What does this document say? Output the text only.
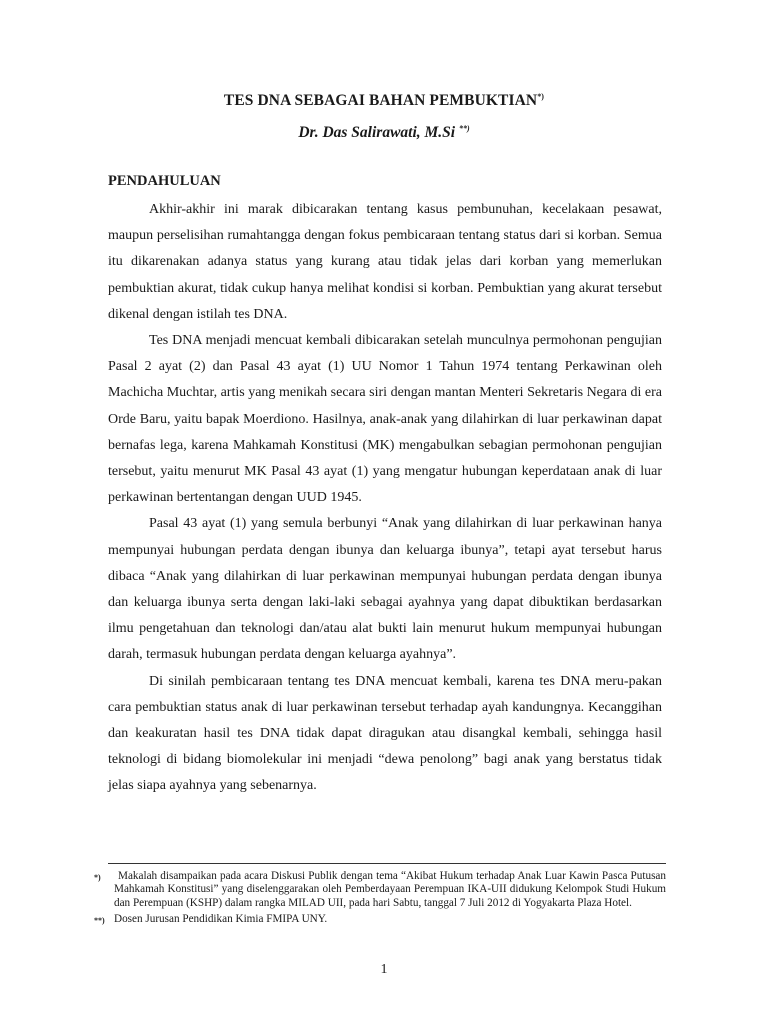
TES DNA SEBAGAI BAHAN PEMBUKTIAN*)
Dr. Das Salirawati, M.Si **)
PENDAHULUAN

Akhir-akhir ini marak dibicarakan tentang kasus pembunuhan, kecelakaan pesawat, maupun perselisihan rumahtangga dengan fokus pembicaraan tentang status dari si korban. Semua itu dikarenakan adanya status yang kurang atau tidak jelas dari korban yang memerlukan pembuktian akurat, tidak cukup hanya melihat kondisi si korban. Pembuktian yang akurat tersebut dikenal dengan istilah tes DNA.

Tes DNA menjadi mencuat kembali dibicarakan setelah munculnya permohonan pengujian Pasal 2 ayat (2) dan Pasal 43 ayat (1) UU Nomor 1 Tahun 1974 tentang Perkawinan oleh Machicha Muchtar, artis yang menikah secara siri dengan mantan Menteri Sekretaris Negara di era Orde Baru, yaitu bapak Moerdiono. Hasilnya, anak-anak yang dilahirkan di luar perkawinan dapat bernafas lega, karena Mahkamah Konstitusi (MK) mengabulkan sebagian permohonan pengujian tersebut, yaitu menurut MK Pasal 43 ayat (1) yang mengatur hubungan keperdataan anak di luar perkawinan bertentangan dengan UUD 1945.

Pasal 43 ayat (1) yang semula berbunyi “Anak yang dilahirkan di luar perkawinan hanya mempunyai hubungan perdata dengan ibunya dan keluarga ibunya”, tetapi ayat tersebut harus dibaca “Anak yang dilahirkan di luar perkawinan mempunyai hubungan perdata dengan ibunya dan keluarga ibunya serta dengan laki-laki sebagai ayahnya yang dapat dibuktikan berdasarkan ilmu pengetahuan dan teknologi dan/atau alat bukti lain menurut hukum mempunyai hubungan darah, termasuk hubungan perdata dengan keluarga ayahnya”.

Di sinilah pembicaraan tentang tes DNA mencuat kembali, karena tes DNA meru-pakan cara pembuktian status anak di luar perkawinan tersebut terhadap ayah kandungnya. Kecanggihan dan keakuratan hasil tes DNA tidak dapat diragukan atau disangkal kembali, sehingga hasil teknologi di bidang biomolekular ini menjadi “dewa penolong” bagi anak yang berstatus tidak jelas siapa ayahnya yang sebenarnya.

*)	Makalah disampaikan pada acara Diskusi Publik dengan tema “Akibat Hukum terhadap Anak Luar Kawin Pasca Putusan Mahkamah Konstitusi” yang diselenggarakan oleh Pemberdayaan Perempuan IKA-UII didukung Kelompok Studi Hukum dan Perempuan (KSHP) dalam rangka MILAD UII, pada hari Sabtu, tanggal 7 Juli 2012 di Yogyakarta Plaza Hotel.
**) Dosen Jurusan Pendidikan Kimia FMIPA UNY.
1
